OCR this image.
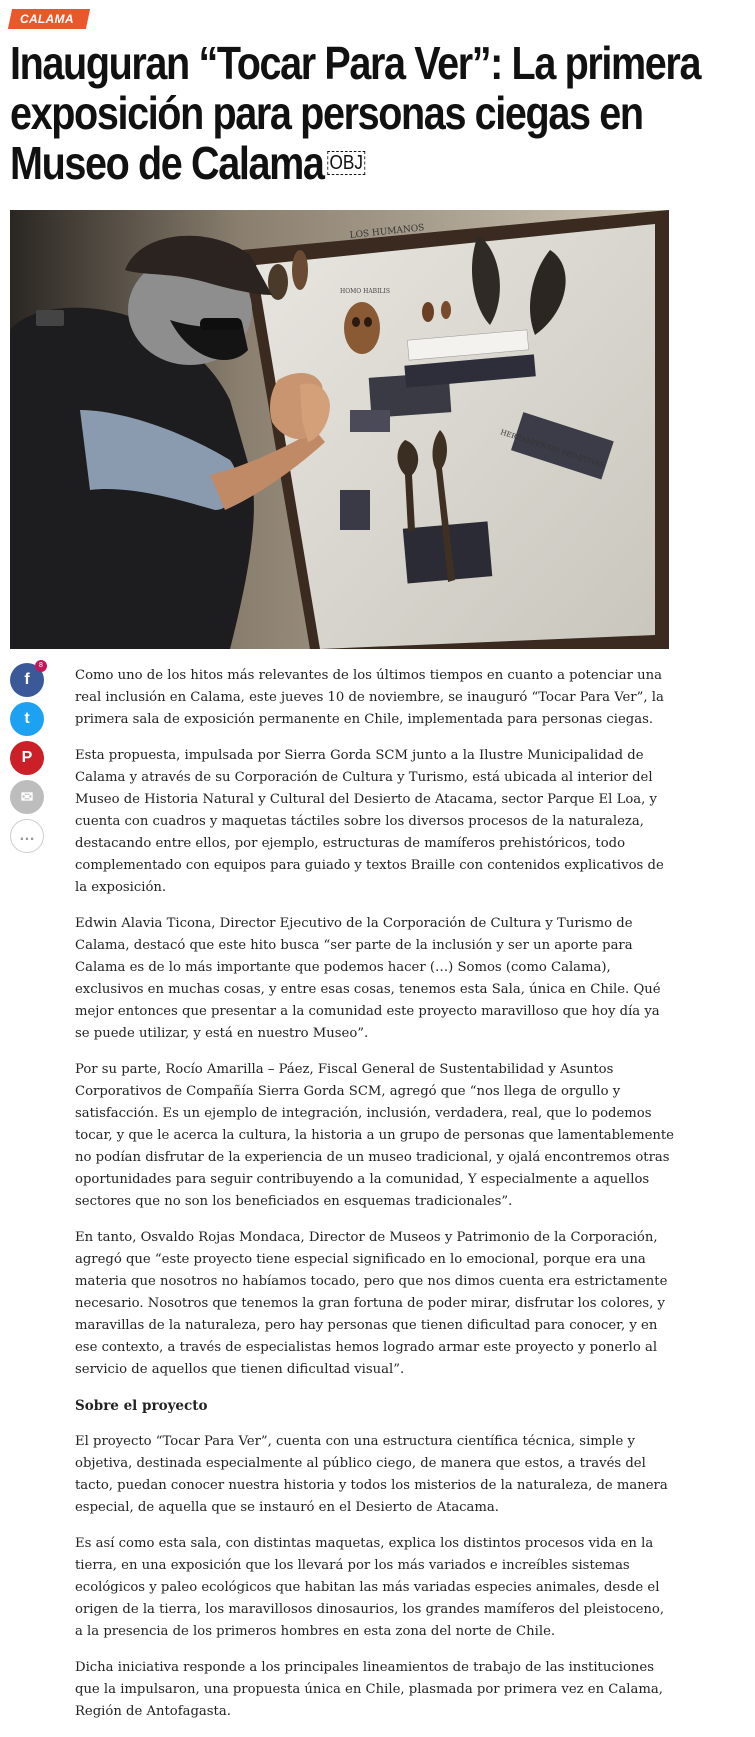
CALAMA
Inauguran “Tocar Para Ver”: La primera exposición para personas ciegas en Museo de Calama OBJ
LOS HUMANOS
HOMO HABILIS
HERRAMIENTAS PRIMITIVAS
8
f
t
P
✉
…

Como uno de los hitos más relevantes de los últimos tiempos en cuanto a potenciar una real inclusión en Calama, este jueves 10 de noviembre, se inauguró “Tocar Para Ver”, la primera sala de exposición permanente en Chile, implementada para personas ciegas.

Esta propuesta, impulsada por Sierra Gorda SCM junto a la Ilustre Municipalidad de Calama y através de su Corporación de Cultura y Turismo, está ubicada al interior del Museo de Historia Natural y Cultural del Desierto de Atacama, sector Parque El Loa, y cuenta con cuadros y maquetas táctiles sobre los diversos procesos de la naturaleza, destacando entre ellos, por ejemplo, estructuras de mamíferos prehistóricos, todo complementado con equipos para guiado y textos Braille con contenidos explicativos de la exposición.

Edwin Alavia Ticona, Director Ejecutivo de la Corporación de Cultura y Turismo de Calama, destacó que este hito busca “ser parte de la inclusión y ser un aporte para Calama es de lo más importante que podemos hacer (…) Somos (como Calama), exclusivos en muchas cosas, y entre esas cosas, tenemos esta Sala, única en Chile. Qué mejor entonces que presentar a la comunidad este proyecto maravilloso que hoy día ya se puede utilizar, y está en nuestro Museo”.

Por su parte, Rocío Amarilla – Páez, Fiscal General de Sustentabilidad y Asuntos Corporativos de Compañía Sierra Gorda SCM, agregó que “nos llega de orgullo y satisfacción. Es un ejemplo de integración, inclusión, verdadera, real, que lo podemos tocar, y que le acerca la cultura, la historia a un grupo de personas que lamentablemente no podían disfrutar de la experiencia de un museo tradicional, y ojalá encontremos otras oportunidades para seguir contribuyendo a la comunidad, Y especialmente a aquellos sectores que no son los beneficiados en esquemas tradicionales”.

En tanto, Osvaldo Rojas Mondaca, Director de Museos y Patrimonio de la Corporación, agregó que “este proyecto tiene especial significado en lo emocional, porque era una materia que nosotros no habíamos tocado, pero que nos dimos cuenta era estrictamente necesario. Nosotros que tenemos la gran fortuna de poder mirar, disfrutar los colores, y maravillas de la naturaleza, pero hay personas que tienen dificultad para conocer, y en ese contexto, a través de especialistas hemos logrado armar este proyecto y ponerlo al servicio de aquellos que tienen dificultad visual”.

Sobre el proyecto

El proyecto “Tocar Para Ver”, cuenta con una estructura científica técnica, simple y objetiva, destinada especialmente al público ciego, de manera que estos, a través del tacto, puedan conocer nuestra historia y todos los misterios de la naturaleza, de manera especial, de aquella que se instauró en el Desierto de Atacama.

Es así como esta sala, con distintas maquetas, explica los distintos procesos vida en la tierra, en una exposición que los llevará por los más variados e increíbles sistemas ecológicos y paleo ecológicos que habitan las más variadas especies animales, desde el origen de la tierra, los maravillosos dinosaurios, los grandes mamíferos del pleistoceno, a la presencia de los primeros hombres en esta zona del norte de Chile.

Dicha iniciativa responde a los principales lineamientos de trabajo de las instituciones que la impulsaron, una propuesta única en Chile, plasmada por primera vez en Calama, Región de Antofagasta.
